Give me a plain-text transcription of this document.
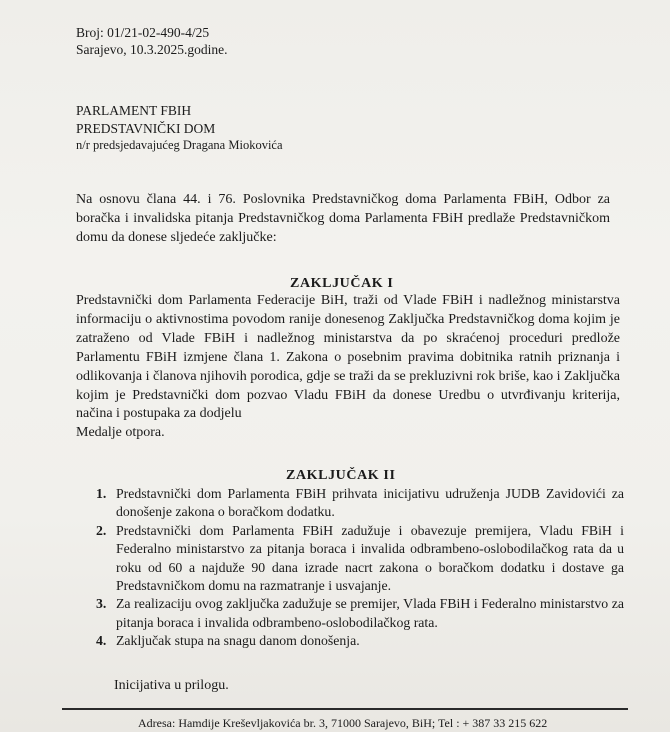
Broj: 01/21-02-490-4/25
Sarajevo, 10.3.2025.godine.
PARLAMENT FBIH
PREDSTAVNIČKI DOM
n/r predsjedavajućeg Dragana Miokovića
Na osnovu člana 44. i 76. Poslovnika Predstavničkog doma Parlamenta FBiH, Odbor za boračka i invalidska pitanja Predstavničkog doma Parlamenta FBiH predlaže Predstavničkom domu da donese sljedeće zaključke:
ZAKLJUČAK I
Predstavnički dom Parlamenta Federacije BiH, traži od Vlade FBiH i nadležnog ministarstva informaciju o aktivnostima povodom ranije donesenog Zaključka Predstavničkog doma kojim je zatraženo od Vlade FBiH i nadležnog ministarstva da po skraćenoj proceduri predlože Parlamentu FBiH izmjene člana 1. Zakona o posebnim pravima dobitnika ratnih priznanja i odlikovanja i članova njihovih porodica, gdje se traži da se prekluzivni rok briše, kao i Zaključka kojim je Predstavnički dom pozvao Vladu FBiH da donese Uredbu o utvrđivanju kriterija, načina i postupaka za dodjelu
Medalje otpora.
ZAKLJUČAK II
1. Predstavnički dom Parlamenta FBiH prihvata inicijativu udruženja JUDB Zavidovići za donošenje zakona o boračkom dodatku.
2. Predstavnički dom Parlamenta FBiH zadužuje i obavezuje premijera, Vladu FBiH i Federalno ministarstvo za pitanja boraca i invalida odbrambeno-oslobodilačkog rata da u roku od 60 a najduže 90 dana izrade nacrt zakona o boračkom dodatku i dostave ga Predstavničkom domu na razmatranje i usvajanje.
3. Za realizaciju ovog zaključka zadužuje se premijer, Vlada FBiH i Federalno ministarstvo za pitanja boraca i invalida odbrambeno-oslobodilačkog rata.
4. Zaključak stupa na snagu danom donošenja.
Inicijativa u prilogu.
Adresa: Hamdije Kreševljakovića br. 3, 71000 Sarajevo, BiH; Tel : + 387 33 215 622
